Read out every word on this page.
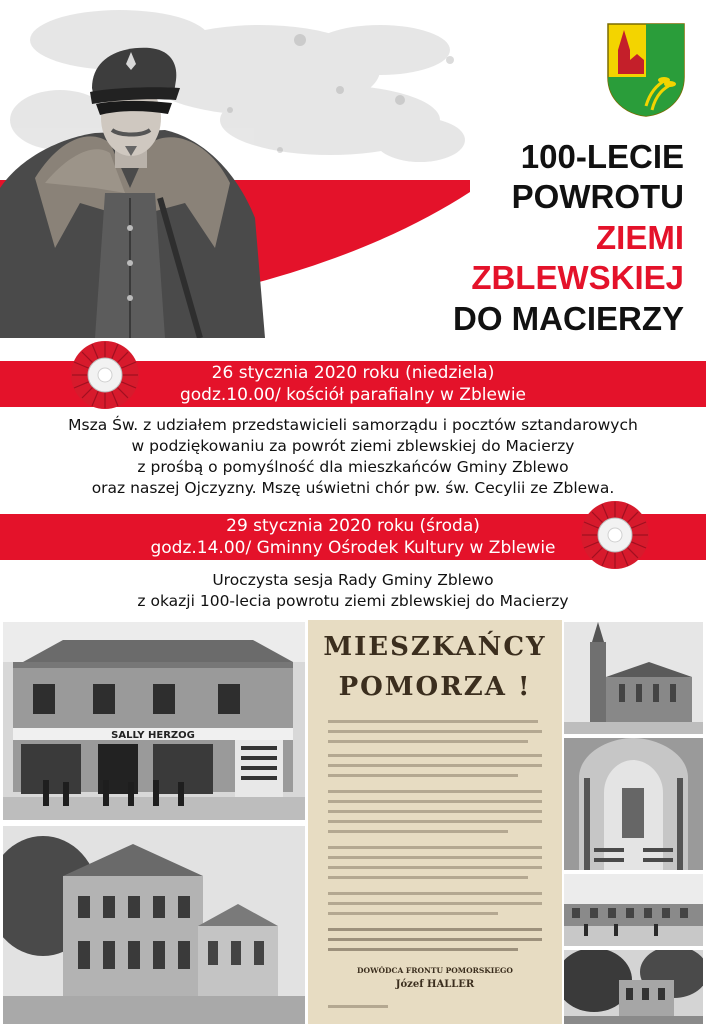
100-LECIE
POWROTU
ZIEMI
ZBLEWSKIEJ
DO MACIERZY
26 stycznia 2020 roku (niedziela)
godz.10.00/ kościół parafialny w Zblewie
Msza Św. z udziałem przedstawicieli samorządu i pocztów sztandarowych
w podziękowaniu za powrót ziemi zblewskiej do Macierzy
z prośbą o pomyślność dla mieszkańców Gminy Zblewo
oraz naszej Ojczyzny. Mszę uświetni chór pw. św. Cecylii ze Zblewa.
29 stycznia 2020 roku (środa)
godz.14.00/ Gminny Ośrodek Kultury w Zblewie
Uroczysta sesja Rady Gminy Zblewo
z okazji 100-lecia powrotu ziemi zblewskiej do Macierzy
SALLY HERZOG
MIESZKAŃCY
POMORZA !
DOWÓDCA FRONTU POMORSKIEGO
Józef HALLER
